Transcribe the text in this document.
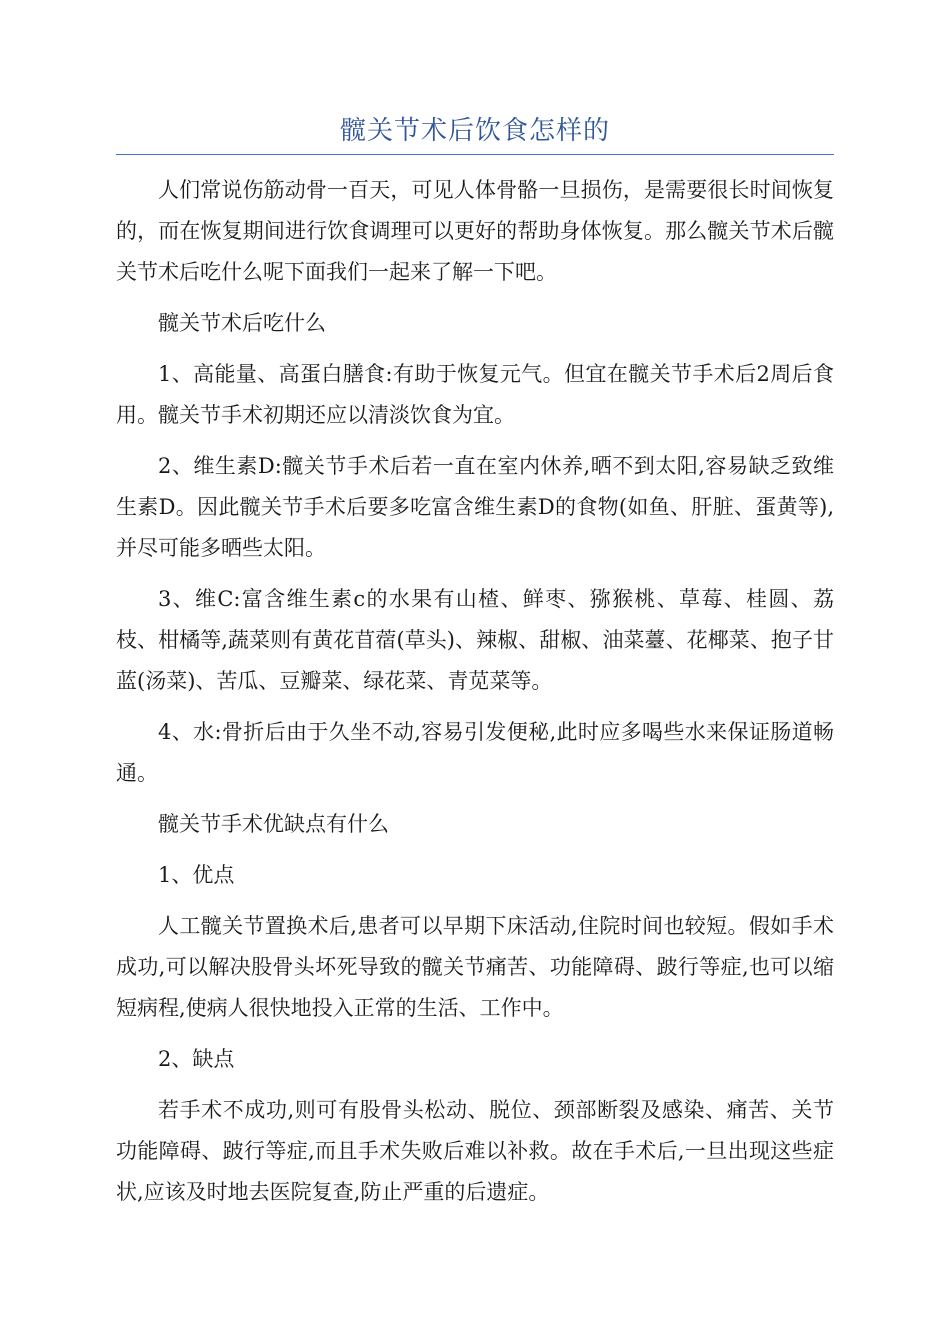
髋关节术后饮食怎样的

人们常说伤筋动骨一百天，可见人体骨骼一旦损伤，是需要很长时间恢复的，而在恢复期间进行饮食调理可以更好的帮助身体恢复。那么髋关节术后髋关节术后吃什么呢下面我们一起来了解一下吧。

髋关节术后吃什么

1、高能量、高蛋白膳食:有助于恢复元气。但宜在髋关节手术后2周后食用。髋关节手术初期还应以清淡饮食为宜。

2、维生素D:髋关节手术后若一直在室内休养,晒不到太阳,容易缺乏致维生素D。因此髋关节手术后要多吃富含维生素D的食物(如鱼、肝脏、蛋黄等),并尽可能多晒些太阳。

3、维C:富含维生素c的水果有山楂、鲜枣、猕猴桃、草莓、桂圆、荔枝、柑橘等,蔬菜则有黄花苜蓿(草头)、辣椒、甜椒、油菜薹、花椰菜、抱子甘蓝(汤菜)、苦瓜、豆瓣菜、绿花菜、青苋菜等。

4、水:骨折后由于久坐不动,容易引发便秘,此时应多喝些水来保证肠道畅通。

髋关节手术优缺点有什么

1、优点

人工髋关节置换术后,患者可以早期下床活动,住院时间也较短。假如手术成功,可以解决股骨头坏死导致的髋关节痛苦、功能障碍、跛行等症,也可以缩短病程,使病人很快地投入正常的生活、工作中。

2、缺点

若手术不成功,则可有股骨头松动、脱位、颈部断裂及感染、痛苦、关节功能障碍、跛行等症,而且手术失败后难以补救。故在手术后,一旦出现这些症状,应该及时地去医院复查,防止严重的后遗症。
